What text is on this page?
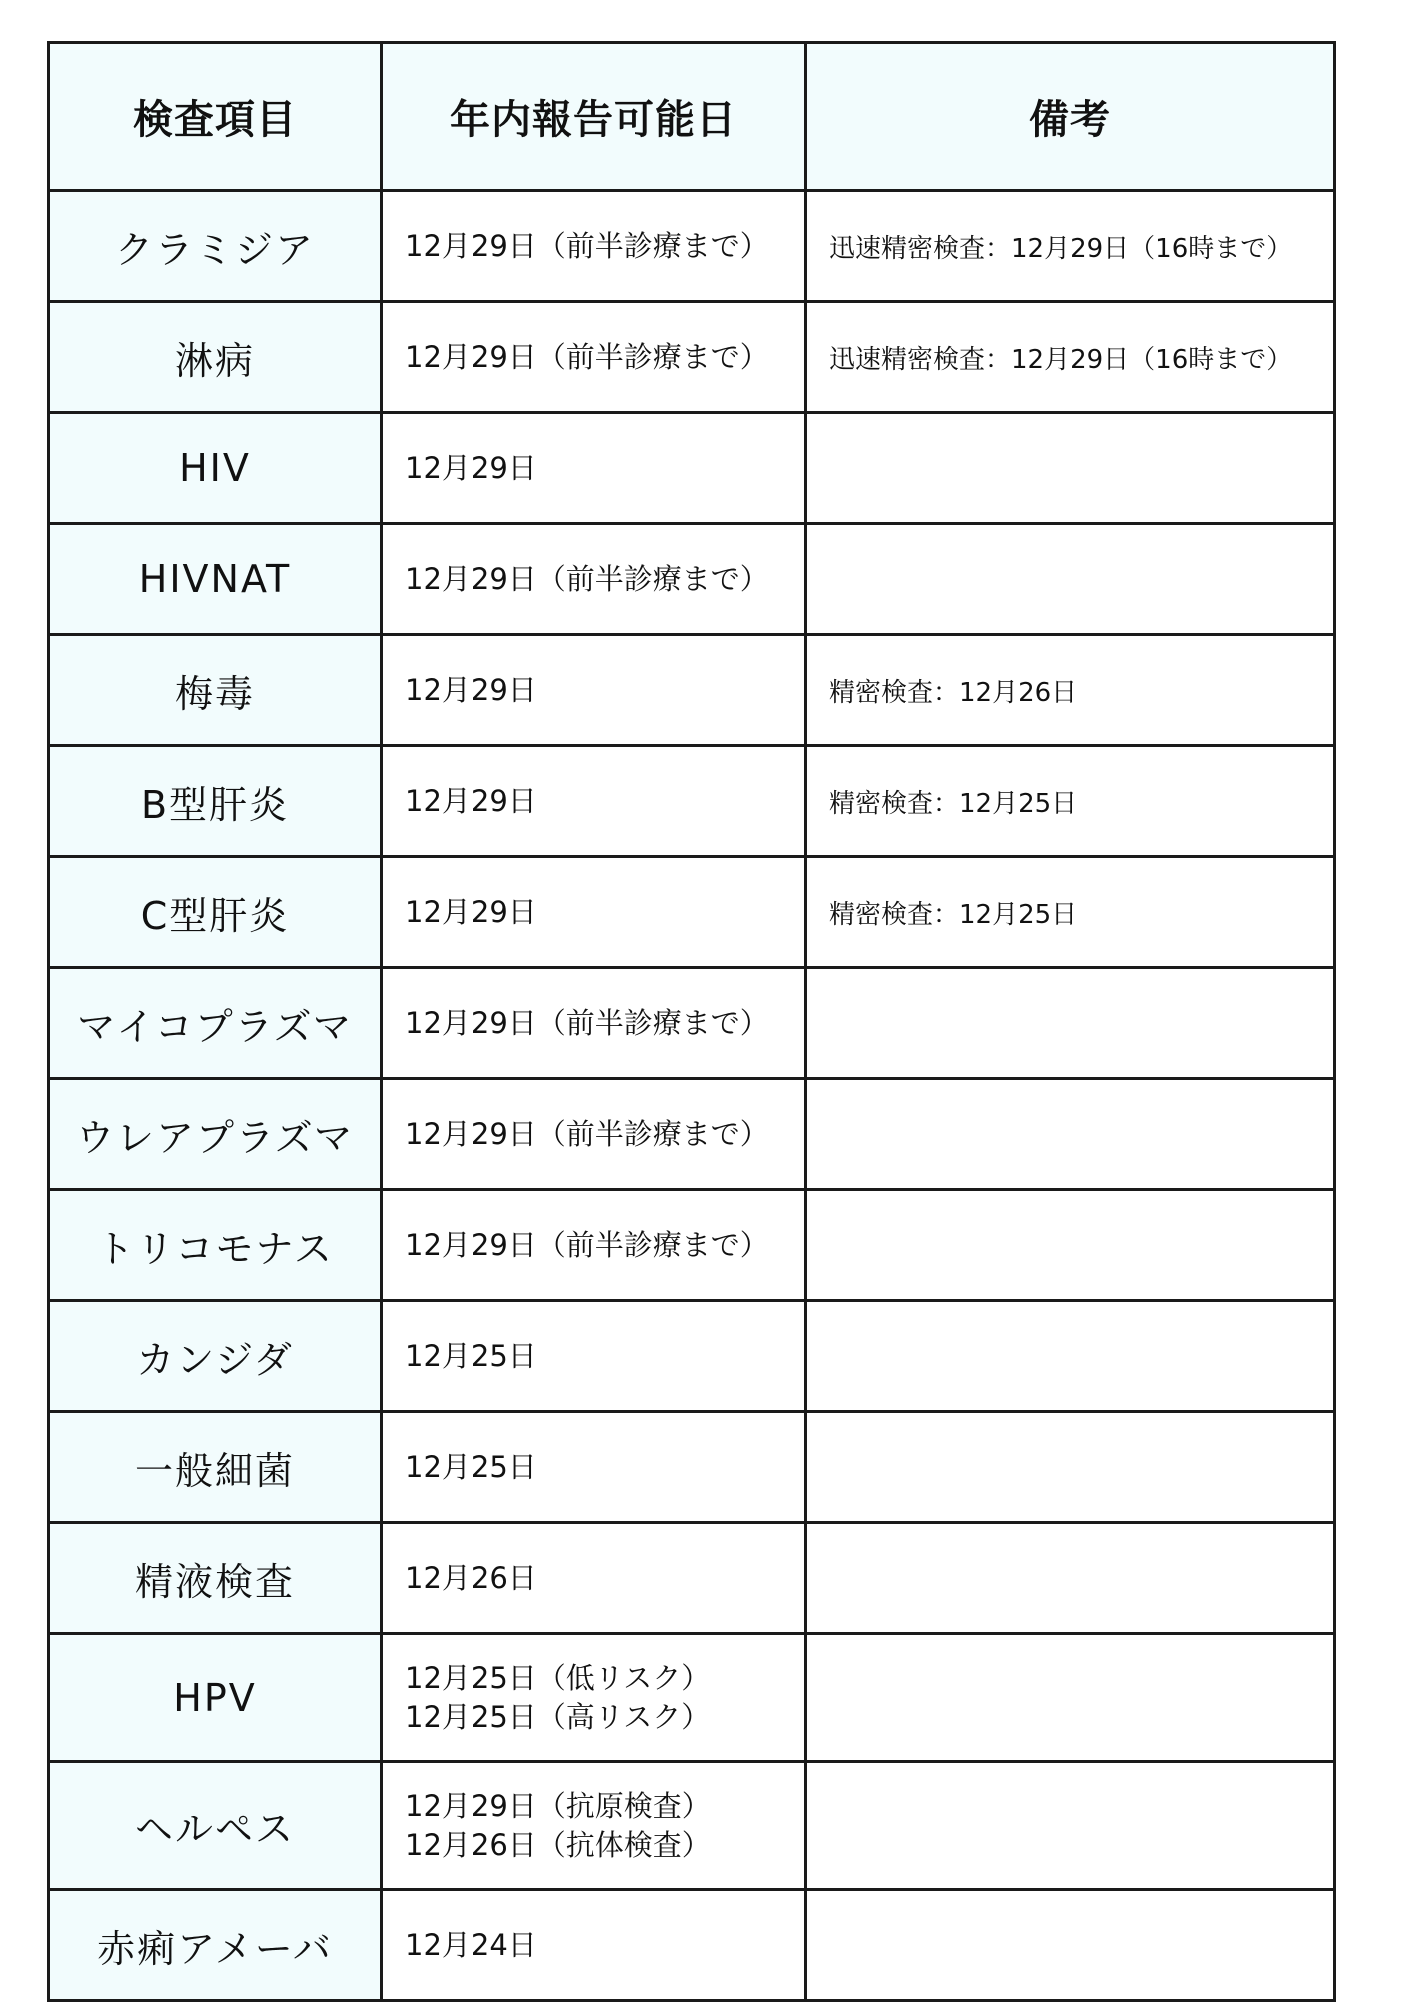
検査項目	年内報告可能日	備考
クラミジア	12月29日（前半診療まで）	迅速精密検査：12月29日（16時まで）
淋病	12月29日（前半診療まで）	迅速精密検査：12月29日（16時まで）
HIV	12月29日	

HIVNAT	12月29日（前半診療まで）	

梅毒	12月29日	精密検査：12月26日
B型肝炎	12月29日	精密検査：12月25日
C型肝炎	12月29日	精密検査：12月25日
マイコプラズマ	12月29日（前半診療まで）	

ウレアプラズマ	12月29日（前半診療まで）	

トリコモナス	12月29日（前半診療まで）	

カンジダ	12月25日	

一般細菌	12月25日	

精液検査	12月26日	

HPV	12月25日（低リスク）
12月25日（高リスク）	

ヘルペス	12月29日（抗原検査）
12月26日（抗体検査）	

赤痢アメーバ	12月24日	
